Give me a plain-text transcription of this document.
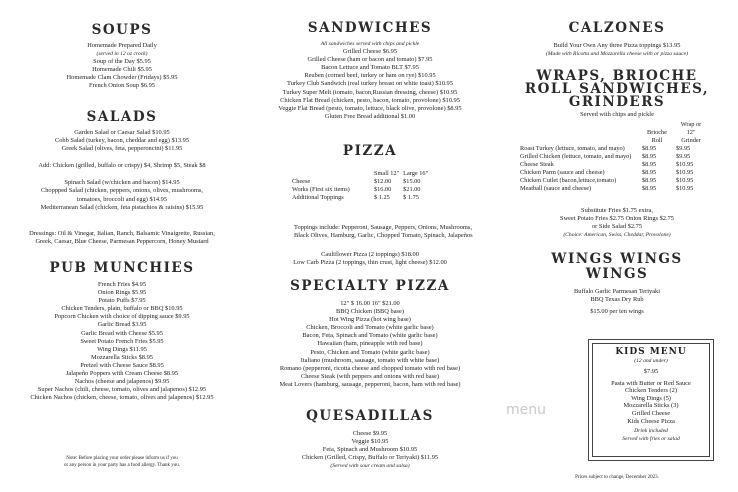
SOUPS
Homemade Prepared Daily
(served in 12 oz crock)
Soup of the Day $5.95
Homemade Chili $5.95
Homemade Clam Chowder (Fridays) $5.95
French Onion Soup $6.95
SALADS
Garden Salad or Caesar Salad $10.95
Cobb Salad (turkey, bacon, cheddar and egg) $13.95
Greek Salad (olives, feta, pepperoncini) $11.95
Add: Chicken (grilled, buffalo or crispy) $4, Shrimp $5, Steak $8
Spinach Salad (w/chicken and bacon) $14.95
Choppped Salad (chicken, peppers, onions, olives, mushrooms,
tomatoes, broccoli and egg) $14.95
Mediterranean Salad (chicken, feta pistachios & raisins) $15.95
Dressings: Oil & Vinegar, Italian, Ranch, Balsamic Vinaigrette, Russian,
Greek, Caesar, Blue Cheese, Parmesan Peppercorn, Honey Mustard
PUB MUNCHIES
French Fries $4.95
Onion Rings $5.95
Potato Puffs $7.95
Chicken Tenders, plain, buffalo or BBQ $10.95
Popcorn Chicken with choice of dipping sauce $9.95
Garlic Bread $3.95
Garlic Bread with Cheese $5.95
Sweet Potato French Fries $5.95
Wing Dings $11.95
Mozzarella Sticks $8.95
Pretzel with Cheese Sauce $8.95
Jalapeño Poppers with Cream Cheese $8.95
Nachos (cheese and jalapenos) $9.95
Super Nachos (chili, cheese, tomato, olives and jalapenos) $12.95
Chicken Nachos (chicken, cheese, tomato, olives and jalapenos) $12.95
Note: Before placing your order please inform us if you
or any person in your party has a food allergy. Thank you.
SANDWICHES
All sandwiches served with chips and pickle
Grilled Cheese $6.95
Grilled Cheese (ham or bacon and tomato) $7.95
Bacon Lettuce and Tomato BLT $7.95
Reuben (corned beef, turkey or ham on rye) $10.95
Turkey Club Sandwich (real turkey breast on white toast) $10.95
Turkey Super Melt (tomato, bacon,Russian dressing, cheese) $10.95
Chicken Flat Bread (chicken, pesto, bacon, tomato, provolone) $10.95
Veggie Flat Bread (pesto, tomato, lettuce, black olive, provolone) $8.95
Gluten Free Bread additional $1.00
PIZZA
	Small 12"	Large 16"
Cheese	$12.00	$15.00
Works (First six items)	$16.00	$21.00
Additional Toppings	$ 1.25	$ 1.75
Toppings include: Pepperoni, Sausage, Peppers, Onions, Mushrooms,
Black Olives, Hamburg, Garlic, Chopped Tomato, Spinach, Jalapeños
Cauliflower Pizza (2 toppings) $18.00
Low Carb Pizza (2 toppings, thin crust, light cheese) $12.00
SPECIALTY PIZZA
12" $ 16.00 16" $21.00
BBQ Chicken (BBQ base)
Hot Wing Pizza (hot wing base)
Chicken, Broccoli and Tomato (white garlic base)
Bacon, Feta, Spinach and Tomato (white garlic base)
Hawaiian (ham, pineapple with red base)
Pesto, Chicken and Tomato (white garlic base)
Italiano (mushroom, sausage, tomato with white base)
Romano (pepperoni, ricotta cheese and chopped tomato with red base)
Cheese Steak (with peppers and onions with red base)
Meat Lovers (hamburg, sausage, pepperoni, bacon, ham with red base)
QUESADILLAS
Cheese $9.95
Veggie $10.95
Feta, Spinach and Mushroom $10.95
Chicken (Grilled, Crispy, Buffalo or Teriyaki) $11.95
(Served with sour cream and salsa)
CALZONES
Build Your Own Any three Pizza toppings $13.95
(Made with Ricotta and Mozzarella cheese with or pizza sauce)
WRAPS, BRIOCHE
ROLL SANDWICHES,
GRINDERS
Served with chips and pickle
	Brioche Roll	Wrap or 12" Grinder
Roast Turkey (lettuce, tomato, and mayo)	$8.95	$9.95
Grilled Chicken (lettuce, tomato, and mayo)	$8.95	$9.95
Cheese Steak	$8.95	$10.95
Chicken Parm (sauce and cheese)	$8.95	$10.95
Chicken Cutlet (bacon,lettuce,tomato)	$8.95	$10.95
Meatball (sauce and cheese)	$8.95	$10.95
Substitute Fries $1.75 extra,
Sweet Potato Fries $2.75 Onion Rings $2.75
or Side Salad $2.75
(Choice: American, Swiss, Cheddar, Provolone)
WINGS WINGS
WINGS
Buffalo Garlic Parmesan Teriyaki
BBQ Texas Dry Rub
$15.00 per ten wings
KIDS MENU
(12 and under)
$7.95
Pasta with Butter or Red Sauce
Chicken Tenders (2)
Wing Dings (5)
Mozzarella Sticks (3)
Grilled Cheese
Kids Cheese Pizza
Drink included
Served with fries or salad
Prices subject to change, December 2023.
menu
